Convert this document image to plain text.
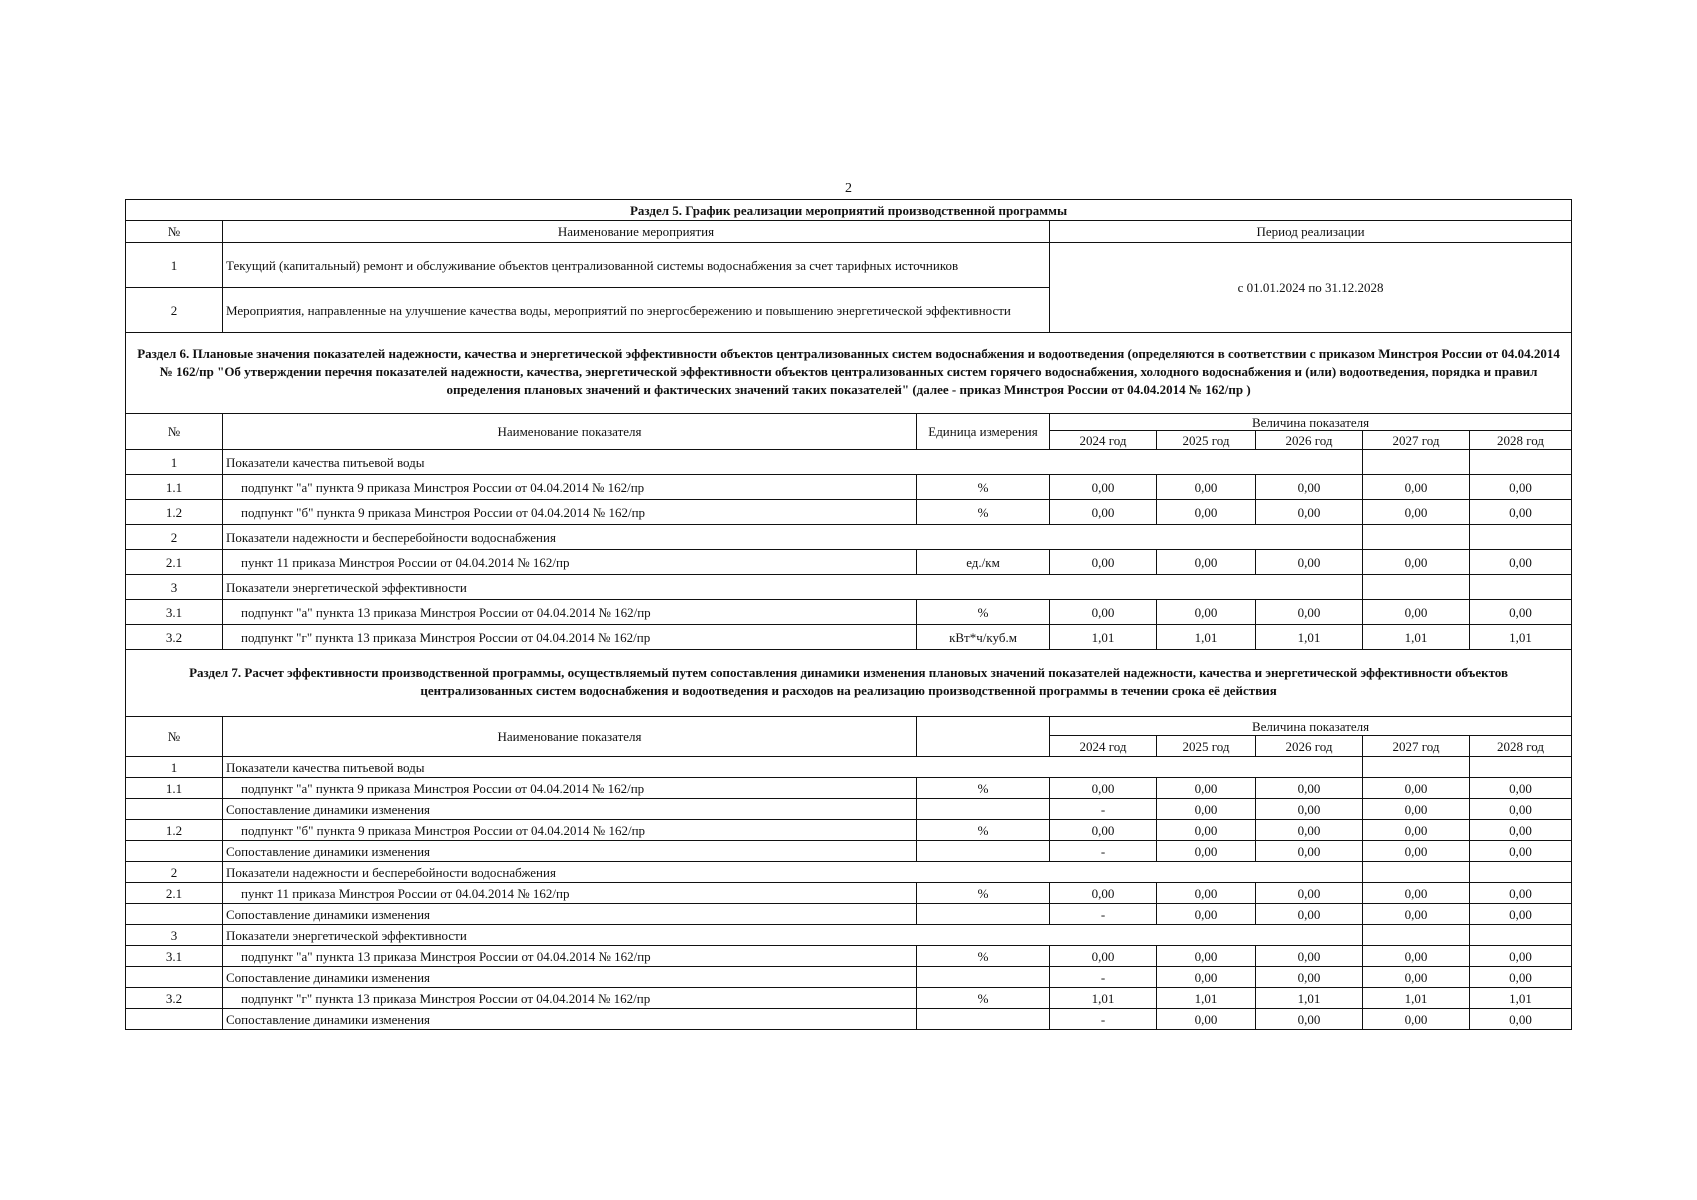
2
Раздел 5. График реализации мероприятий производственной программы							
№	Наименование мероприятия		Период реализации				
1	Текущий (капитальный) ремонт и обслуживание объектов централизованной системы водоснабжения за счет тарифных источников		с 01.01.2024 по 31.12.2028				
2	Мероприятия, направленные на улучшение качества воды, мероприятий по энергосбережению и повышению энергетической эффективности						
Раздел 6. Плановые значения показателей надежности, качества и энергетической эффективности объектов централизованных систем водоснабжения и водоотведения (определяются в соответствии с приказом Минстроя России от 04.04.2014 № 162/пр "Об утверждении перечня показателей надежности, качества, энергетической эффективности объектов централизованных систем горячего водоснабжения, холодного водоснабжения и (или) водоотведения, порядка и правил определения плановых значений и фактических значений таких показателей" (далее - приказ Минстроя России от 04.04.2014 № 162/пр )							
№	Наименование показателя	Единица измерения	Величина показателя				
			2024 год	2025 год	2026 год	2027 год	2028 год
1	Показатели качества питьевой воды						
1.1	подпункт "а" пункта 9 приказа Минстроя России от 04.04.2014 № 162/пр	%	0,00	0,00	0,00	0,00	0,00
1.2	подпункт "б" пункта 9 приказа Минстроя России от 04.04.2014 № 162/пр	%	0,00	0,00	0,00	0,00	0,00
2	Показатели надежности и бесперебойности водоснабжения						
2.1	пункт 11 приказа Минстроя России от 04.04.2014 № 162/пр	ед./км	0,00	0,00	0,00	0,00	0,00
3	Показатели энергетической эффективности						
3.1	подпункт "а" пункта 13 приказа Минстроя России от 04.04.2014 № 162/пр	%	0,00	0,00	0,00	0,00	0,00
3.2	подпункт "г" пункта 13 приказа Минстроя России от 04.04.2014 № 162/пр	кВт*ч/куб.м	1,01	1,01	1,01	1,01	1,01
Раздел 7. Расчет эффективности производственной программы, осуществляемый путем сопоставления динамики изменения плановых значений показателей надежности, качества и энергетической эффективности объектов централизованных систем водоснабжения и водоотведения и расходов на реализацию производственной программы в течении срока её действия							
№	Наименование показателя		Величина показателя				
			2024 год	2025 год	2026 год	2027 год	2028 год
1	Показатели качества питьевой воды						
1.1	подпункт "а" пункта 9 приказа Минстроя России от 04.04.2014 № 162/пр	%	0,00	0,00	0,00	0,00	0,00
	Сопоставление динамики изменения		-	0,00	0,00	0,00	0,00
1.2	подпункт "б" пункта 9 приказа Минстроя России от 04.04.2014 № 162/пр	%	0,00	0,00	0,00	0,00	0,00
	Сопоставление динамики изменения		-	0,00	0,00	0,00	0,00
2	Показатели надежности и бесперебойности водоснабжения						
2.1	пункт 11 приказа Минстроя России от 04.04.2014 № 162/пр	%	0,00	0,00	0,00	0,00	0,00
	Сопоставление динамики изменения		-	0,00	0,00	0,00	0,00
3	Показатели энергетической эффективности						
3.1	подпункт "а" пункта 13 приказа Минстроя России от 04.04.2014 № 162/пр	%	0,00	0,00	0,00	0,00	0,00
	Сопоставление динамики изменения		-	0,00	0,00	0,00	0,00
3.2	подпункт "г" пункта 13 приказа Минстроя России от 04.04.2014 № 162/пр	%	1,01	1,01	1,01	1,01	1,01
	Сопоставление динамики изменения		-	0,00	0,00	0,00	0,00
